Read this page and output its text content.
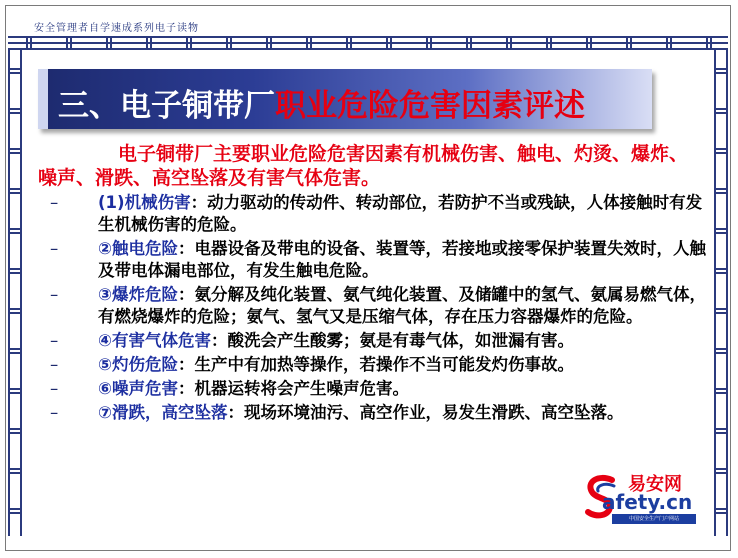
安全管理者自学速成系列电子读物
三、电子铜带厂职业危险危害因素评述
电子铜带厂主要职业危险危害因素有机械伤害、触电、灼烫、爆炸、噪声、滑跌、高空坠落及有害气体危害。
– (1)机械伤害：动力驱动的传动件、转动部位，若防护不当或残缺，人体接触时有发生机械伤害的危险。
– ②触电危险：电器设备及带电的设备、装置等，若接地或接零保护装置失效时，人触及带电体漏电部位，有发生触电危险。
– ③爆炸危险：氨分解及纯化装置、氨气纯化装置、及储罐中的氢气、氨属易燃气体，有燃烧爆炸的危险；氨气、氢气又是压缩气体，存在压力容器爆炸的危险。
– ④有害气体危害：酸洗会产生酸雾；氨是有毒气体，如泄漏有害。
– ⑤灼伤危险：生产中有加热等操作，若操作不当可能发灼伤事故。
– ⑥噪声危害：机器运转将会产生噪声危害。
– ⑦滑跌，高空坠落：现场环境油污、高空作业，易发生滑跌、高空坠落。
易安网
afety.cn
中国安全生产门户网站
